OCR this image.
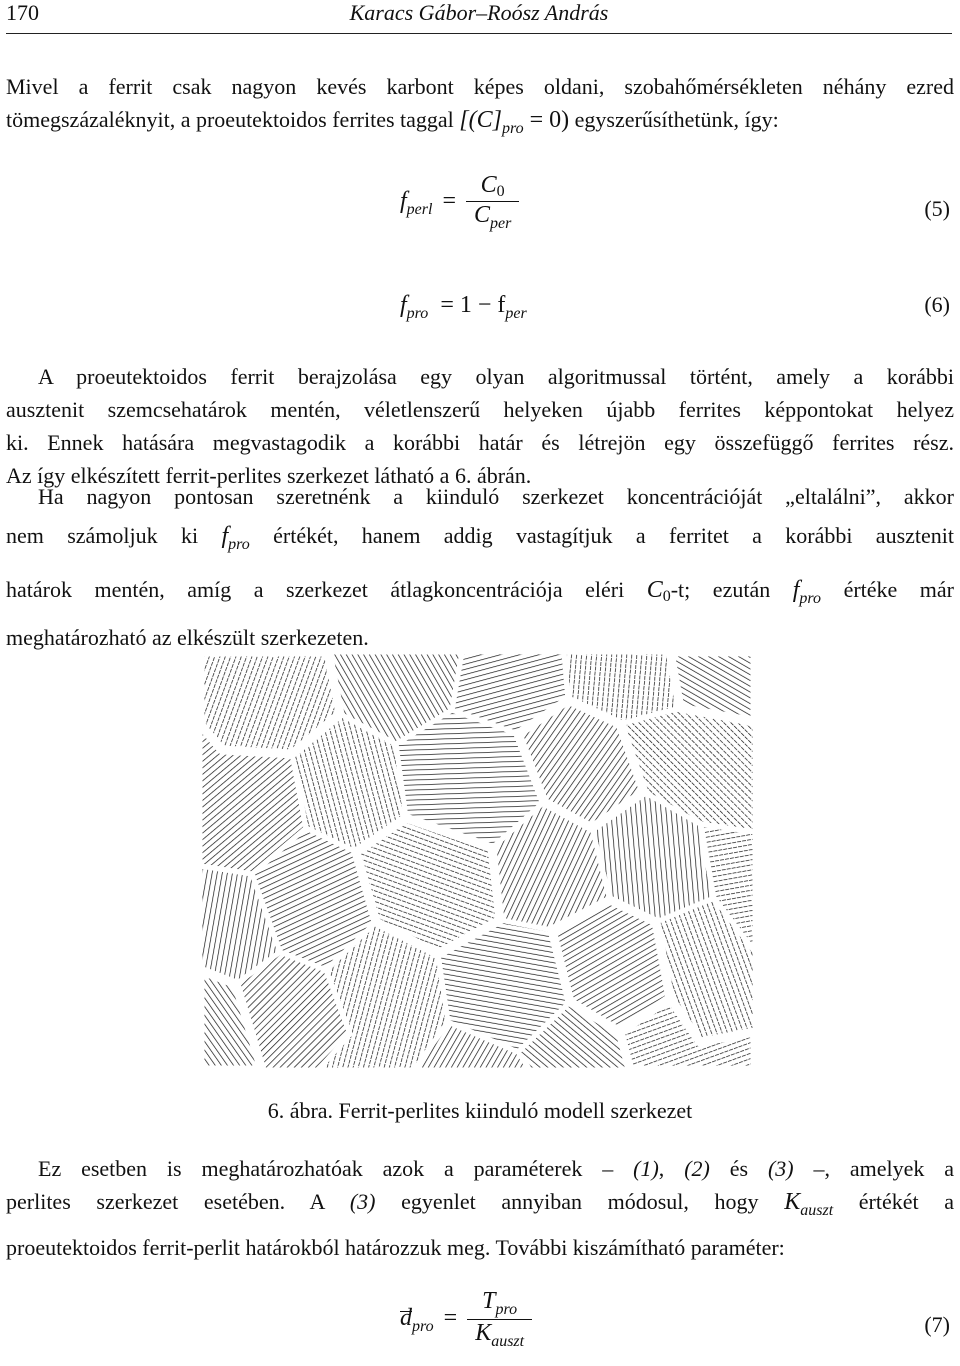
170	Karacs Gábor–Roósz András
Mivel a ferrit csak nagyon kevés karbont képes oldani, szobahőmérsékleten néhány ezred
tömegszázaléknyit, a proeutektoidos ferrites taggal $[(C]_{pro} = 0)$ egyszerűsíthetünk, így:
$f_{perl} = \frac{C_0}{C_{per}}$	(5)
$f_{pro} = 1 - f_{per}$	(6)
A proeutektoidos ferrit berajzolása egy olyan algoritmussal történt, amely a korábbi
ausztenit szemcsehatárok mentén, véletlenszerű helyeken újabb ferrites képpontokat helyez
ki. Ennek hatására megvastagodik a korábbi határ és létrejön egy összefüggő ferrites rész.
Az így elkészített ferrit-perlites szerkezet látható a 6. ábrán.
Ha nagyon pontosan szeretnénk a kiinduló szerkezet koncentrációját „eltalálni”, akkor
nem számoljuk ki $f_{pro}$ értékét, hanem addig vastagítjuk a ferritet a korábbi ausztenit
határok mentén, amíg a szerkezet átlagkoncentrációja eléri $C_0-t$; ezután $f_{pro}$ értéke már
meghatározható az elkészült szerkezeten.
6. ábra. Ferrit-perlites kiinduló modell szerkezet
Ez esetben is meghatározhatóak azok a paraméterek – (1), (2) és (3) –, amelyek a
perlites szerkezet esetében. A (3) egyenlet annyiban módosul, hogy $K_{auszt}$ értékét a
proeutektoidos ferrit-perlit határokból határozzuk meg. További kiszámítható paraméter:
$d_{pro} = \frac{T_{pro}}{K_{auszt}}$	(7)
